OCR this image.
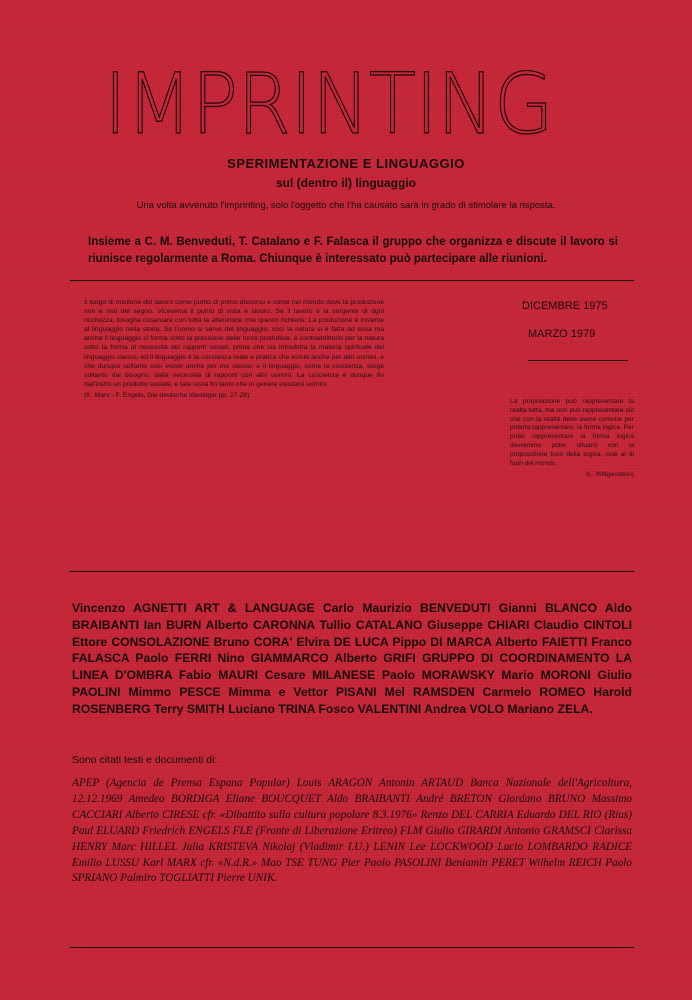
IMPRINTING
SPERIMENTAZIONE E LINGUAGGIO
sul (dentro il) linguaggio
Una volta avvenuto l'imprinting, solo l'oggetto che l'ha causato sarà in grado di stimolare la risposta.
Insieme a C. M. Benveduti, T. Catalano e F. Falasca il gruppo che organizza e discute il lavoro si riunisce regolarmente a Roma. Chiunque è interessato può partecipare alle riunioni.
Il luogo di mistione del lavoro come punto di primo discorso e come nel mondo dove la produzione non è mai del segno. Viceversa il punto di vista e lavoro. Se il lavoro è la sorgente di ogni ricchezza, bisogna osservare con tutta la attenzione che questo richiede. La produzione è insieme al linguaggio nella storia. Se l'uomo si serve del linguaggio, così la natura si è fatta ad essa ma anche il linguaggio si forma sotto la pressione delle forze produttive, è contraddittorio per la natura sotto la forma di necessità dei rapporti sociali, prima che sia introdotta la materia spirituale del linguaggio stesso, ed il linguaggio è la coscienza reale e pratica che esiste anche per altri uomini, e che dunque soltanto così esiste anche per me stesso; e il linguaggio, come la coscienza, sorge soltanto dal bisogno, dalla necessità di rapporti con altri uomini. La coscienza è dunque fin dall'inizio un prodotto sociale, e tale resta fin tanto che in genere esistono uomini.
(K. Marx - F. Engels, Die deutsche Ideologie pp. 27-28)
DICEMBRE 1975
MARZO 1979
La proposizione può rappresentare la realtà tutta, ma non può rappresentare ciò che con la realtà deve avere comune per poterla rappresentare, la forma logica. Per poter rappresentare la forma logica dovremmo poter situarci con la proposizione fuori della logica, cioè al di fuori del mondo.
(L. Wittgenstein)
Vincenzo AGNETTI ART & LANGUAGE Carlo Maurizio BENVEDUTI Gianni BLANCO Aldo BRAIBANTI Ian BURN Alberto CARONNA Tullio CATALANO Giuseppe CHIARI Claudio CINTOLI Ettore CONSOLAZIONE Bruno CORA' Elvira DE LUCA Pippo DI MARCA Alberto FAIETTI Franco FALASCA Paolo FERRI Nino GIAMMARCO Alberto GRIFI GRUPPO DI COORDINAMENTO LA LINEA D'OMBRA Fabio MAURI Cesare MILANESE Paolo MORAWSKY Mario MORONI Giulio PAOLINI Mimmo PESCE Mimma e Vettor PISANI Mel RAMSDEN Carmelo ROMEO Harold ROSENBERG Terry SMITH Luciano TRINA Fosco VALENTINI Andrea VOLO Mariano ZELA.
Sono citati testi e documenti di:
APEP (Agencia de Prensa Espana Popular) Louis ARAGON Antonin ARTAUD Banca Nazionale dell'Agricoltura, 12.12.1969 Amedeo BORDIGA Eliane BOUCQUET Aldo BRAIBANTI André BRETON Giordano BRUNO Massimo CACCIARI Alberto CIRESE cfr. «Dibattito sulla cultura popolare 8.3.1976» Renzo DEL CARRIA Eduardo DEL RIO (Rius) Paul ELUARD Friedrich ENGELS FLE (Fronte di Liberazione Eritreo) FLM Giulio GIRARDI Antonio GRAMSCI Clarissa HENRY Marc HILLEL Julia KRISTEVA Nikolaj (Vladimir I.U.) LENIN Lee LOCKWOOD Lucio LOMBARDO RADICE Emilio LUSSU Karl MARX cfr. «N.d.R.» Mao TSE TUNG Pier Paolo PASOLINI Beniamin PERET Wilhelm REICH Paolo SPRIANO Palmiro TOGLIATTI Pierre UNIK.
